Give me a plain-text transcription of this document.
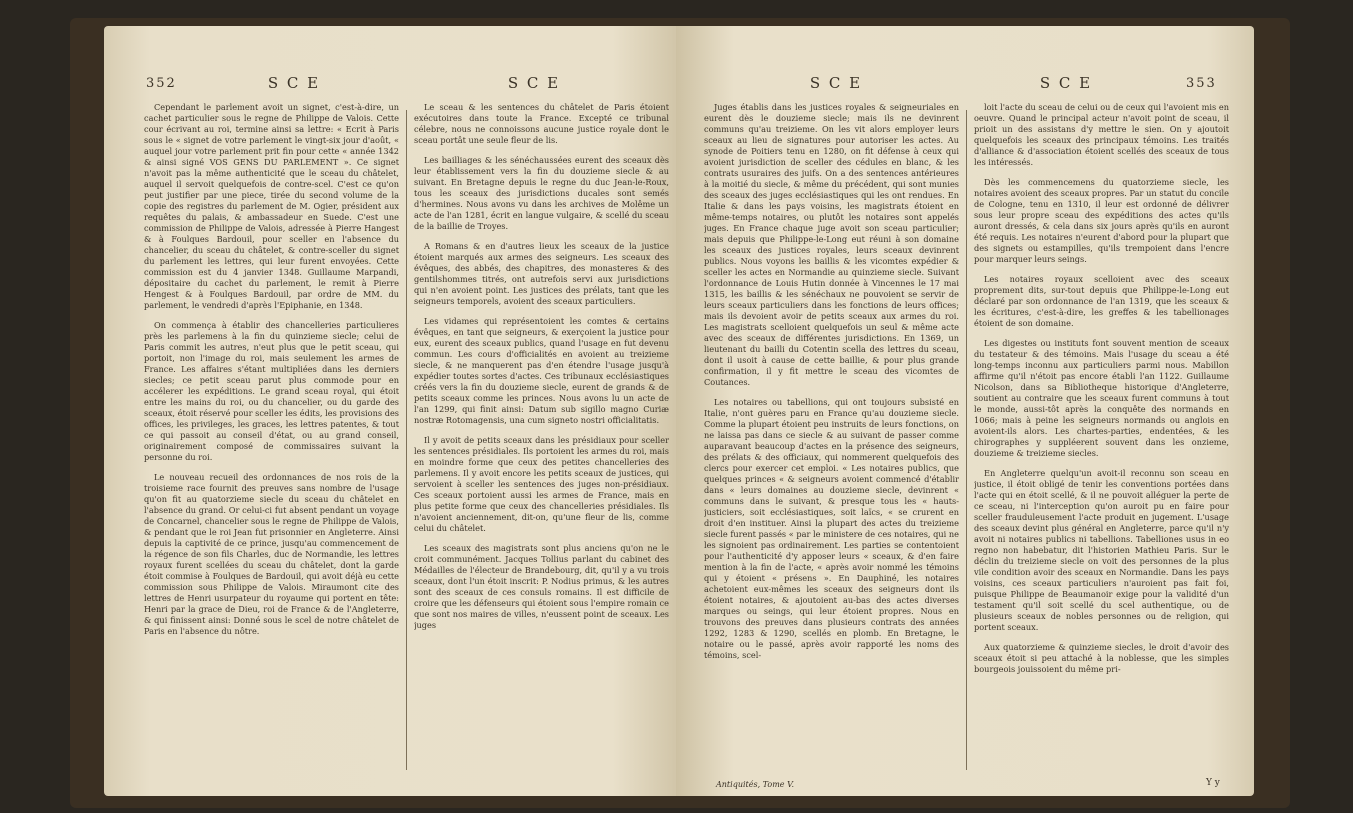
352	S C E	S C E

Cependant le parlement avoit un signet, c'est-à-dire, un cachet particulier sous le regne de Philippe de Valois. Cette cour écrivant au roi, termine ainsi sa lettre: « Ecrit à Paris sous le « signet de votre parlement le vingt-six jour d'août, « auquel jour votre parlement prit fin pour cette « année 1342 & ainsi signé VOS GENS DU PARLEMENT ». Ce signet n'avoit pas la même authenticité que le sceau du châtelet, auquel il servoit quelquefois de contre-scel. C'est ce qu'on peut justifier par une piece, tirée du second volume de la copie des registres du parlement de M. Ogier, président aux requêtes du palais, & ambassadeur en Suede. C'est une commission de Philippe de Valois, adressée à Pierre Hangest & à Foulques Bardouil, pour sceller en l'absence du chancelier, du sceau du châtelet, & contre-sceller du signet du parlement les lettres, qui leur furent envoyées. Cette commission est du 4 janvier 1348. Guillaume Marpandi, dépositaire du cachet du parlement, le remit à Pierre Hengest & à Foulques Bardouil, par ordre de MM. du parlement, le vendredi d'après l'Epiphanie, en 1348.

On commença à établir des chancelleries particulieres près les parlemens à la fin du quinzieme siecle; celui de Paris commit les autres, n'eut plus que le petit sceau, qui portoit, non l'image du roi, mais seulement les armes de France. Les affaires s'étant multipliées dans les derniers siecles; ce petit sceau parut plus commode pour en accélerer les expéditions. Le grand sceau royal, qui étoit entre les mains du roi, ou du chancelier, ou du garde des sceaux, étoit réservé pour sceller les édits, les provisions des offices, les privileges, les graces, les lettres patentes, & tout ce qui passoit au conseil d'état, ou au grand conseil, originairement composé de commissaires suivant la personne du roi.

Le nouveau recueil des ordonnances de nos rois de la troisieme race fournit des preuves sans nombre de l'usage qu'on fit au quatorzieme siecle du sceau du châtelet en l'absence du grand. Or celui-ci fut absent pendant un voyage de Concarnel, chancelier sous le regne de Philippe de Valois, & pendant que le roi Jean fut prisonnier en Angleterre. Ainsi depuis la captivité de ce prince, jusqu'au commencement de la régence de son fils Charles, duc de Normandie, les lettres royaux furent scellées du sceau du châtelet, dont la garde étoit commise à Foulques de Bardouil, qui avoit déjà eu cette commission sous Philippe de Valois. Miraumont cite des lettres de Henri usurpateur du royaume qui portent en tête: Henri par la grace de Dieu, roi de France & de l'Angleterre, & qui finissent ainsi: Donné sous le scel de notre châtelet de Paris en l'absence du nôtre.

Le sceau & les sentences du châtelet de Paris étoient exécutoires dans toute la France. Excepté ce tribunal célebre, nous ne connoissons aucune justice royale dont le sceau portât une seule fleur de lis.

Les bailliages & les sénéchaussées eurent des sceaux dès leur établissement vers la fin du douzieme siecle & au suivant. En Bretagne depuis le regne du duc Jean-le-Roux, tous les sceaux des jurisdictions ducales sont semés d'hermines. Nous avons vu dans les archives de Molême un acte de l'an 1281, écrit en langue vulgaire, & scellé du sceau de la baillie de Troyes.

A Romans & en d'autres lieux les sceaux de la justice étoient marqués aux armes des seigneurs. Les sceaux des évêques, des abbés, des chapitres, des monasteres & des gentilshommes titrés, ont autrefois servi aux jurisdictions qui n'en avoient point. Les justices des prélats, tant que les seigneurs temporels, avoient des sceaux particuliers.

Les vidames qui représentoient les comtes & certains évêques, en tant que seigneurs, & exerçoient la justice pour eux, eurent des sceaux publics, quand l'usage en fut devenu commun. Les cours d'officialités en avoient au treizieme siecle, & ne manquerent pas d'en étendre l'usage jusqu'à expédier toutes sortes d'actes. Ces tribunaux ecclésiastiques créés vers la fin du douzieme siecle, eurent de grands & de petits sceaux comme les princes. Nous avons lu un acte de l'an 1299, qui finit ainsi: Datum sub sigillo magno Curiæ nostræ Rotomagensis, una cum signeto nostri officialitatis.

Il y avoit de petits sceaux dans les présidiaux pour sceller les sentences présidiales. Ils portoient les armes du roi, mais en moindre forme que ceux des petites chancelleries des parlemens. Il y avoit encore les petits sceaux de justices, qui servoient à sceller les sentences des juges non-présidiaux. Ces sceaux portoient aussi les armes de France, mais en plus petite forme que ceux des chancelleries présidiales. Ils n'avoient anciennement, dit-on, qu'une fleur de lis, comme celui du châtelet.

Les sceaux des magistrats sont plus anciens qu'on ne le croit communément. Jacques Tollius parlant du cabinet des Médailles de l'électeur de Brandebourg, dit, qu'il y a vu trois sceaux, dont l'un étoit inscrit: P. Nodius primus, & les autres sont des sceaux de ces consuls romains. Il est difficile de croire que les défenseurs qui étoient sous l'empire romain ce que sont nos maires de villes, n'eussent point de sceaux. Les juges

S C E	S C E	353

Juges établis dans les justices royales & seigneuriales en eurent dès le douzieme siecle; mais ils ne devinrent communs qu'au treizieme. On les vit alors employer leurs sceaux au lieu de signatures pour autoriser les actes. Au synode de Poitiers tenu en 1280, on fit défense à ceux qui avoient jurisdiction de sceller des cédules en blanc, & les contrats usuraires des juifs. On a des sentences antérieures à la moitié du siecle, & même du précédent, qui sont munies des sceaux des juges ecclésiastiques qui les ont rendues. En Italie & dans les pays voisins, les magistrats étoient en même-temps notaires, ou plutôt les notaires sont appelés juges. En France chaque juge avoit son sceau particulier; mais depuis que Philippe-le-Long eut réuni à son domaine les sceaux des justices royales, leurs sceaux devinrent publics. Nous voyons les baillis & les vicomtes expédier & sceller les actes en Normandie au quinzieme siecle. Suivant l'ordonnance de Louis Hutin donnée à Vincennes le 17 mai 1315, les baillis & les sénéchaux ne pouvoient se servir de leurs sceaux particuliers dans les fonctions de leurs offices; mais ils devoient avoir de petits sceaux aux armes du roi. Les magistrats scelloient quelquefois un seul & même acte avec des sceaux de différentes jurisdictions. En 1369, un lieutenant du bailli du Cotentin scella des lettres du sceau, dont il usoit à cause de cette baillie, & pour plus grande confirmation, il y fit mettre le sceau des vicomtes de Coutances.

Les notaires ou tabellions, qui ont toujours subsisté en Italie, n'ont guères paru en France qu'au douzieme siecle. Comme la plupart étoient peu instruits de leurs fonctions, on ne laissa pas dans ce siecle & au suivant de passer comme auparavant beaucoup d'actes en la présence des seigneurs, des prélats & des officiaux, qui nommerent quelquefois des clercs pour exercer cet emploi. « Les notaires publics, que quelques princes « & seigneurs avoient commencé d'établir dans « leurs domaines au douzieme siecle, devinrent « communs dans le suivant, & presque tous les « hauts-justiciers, soit ecclésiastiques, soit laïcs, « se crurent en droit d'en instituer. Ainsi la plupart des actes du treizieme siecle furent passés « par le ministere de ces notaires, qui ne les signoient pas ordinairement. Les parties se contentoient pour l'authenticité d'y apposer leurs « sceaux, & d'en faire mention à la fin de l'acte, « après avoir nommé les témoins qui y étoient « présens ». En Dauphiné, les notaires achetoient eux-mêmes les sceaux des seigneurs dont ils étoient notaires, & ajoutoient au-bas des actes diverses marques ou seings, qui leur étoient propres. Nous en trouvons des preuves dans plusieurs contrats des années 1292, 1283 & 1290, scellés en plomb. En Bretagne, le notaire ou le passé, après avoir rapporté les noms des témoins, scel-

loit l'acte du sceau de celui ou de ceux qui l'avoient mis en oeuvre. Quand le principal acteur n'avoit point de sceau, il prioit un des assistans d'y mettre le sien. On y ajoutoit quelquefois les sceaux des principaux témoins. Les traités d'alliance & d'association étoient scellés des sceaux de tous les intéressés.

Dès les commencemens du quatorzieme siecle, les notaires avoient des sceaux propres. Par un statut du concile de Cologne, tenu en 1310, il leur est ordonné de délivrer sous leur propre sceau des expéditions des actes qu'ils auront dressés, & cela dans six jours après qu'ils en auront été requis. Les notaires n'eurent d'abord pour la plupart que des signets ou estampilles, qu'ils trempoient dans l'encre pour marquer leurs seings.

Les notaires royaux scelloient avec des sceaux proprement dits, sur-tout depuis que Philippe-le-Long eut déclaré par son ordonnance de l'an 1319, que les sceaux & les écritures, c'est-à-dire, les greffes & les tabellionages étoient de son domaine.

Les digestes ou instituts font souvent mention de sceaux du testateur & des témoins. Mais l'usage du sceau a été long-temps inconnu aux particuliers parmi nous. Mabillon affirme qu'il n'étoit pas encore établi l'an 1122. Guillaume Nicolson, dans sa Bibliotheque historique d'Angleterre, soutient au contraire que les sceaux furent communs à tout le monde, aussi-tôt après la conquête des normands en 1066; mais à peine les seigneurs normands ou anglois en avoient-ils alors. Les chartes-parties, endentées, & les chirographes y suppléerent souvent dans les onzieme, douzieme & treizieme siecles.

En Angleterre quelqu'un avoit-il reconnu son sceau en justice, il étoit obligé de tenir les conventions portées dans l'acte qui en étoit scellé, & il ne pouvoit alléguer la perte de ce sceau, ni l'interception qu'on auroit pu en faire pour sceller frauduleusement l'acte produit en jugement. L'usage des sceaux devint plus général en Angleterre, parce qu'il n'y avoit ni notaires publics ni tabellions. Tabelliones usus in eo regno non habebatur, dit l'historien Mathieu Paris. Sur le déclin du treizieme siecle on voit des personnes de la plus vile condition avoir des sceaux en Normandie. Dans les pays voisins, ces sceaux particuliers n'auroient pas fait foi, puisque Philippe de Beaumanoir exige pour la validité d'un testament qu'il soit scellé du scel authentique, ou de plusieurs sceaux de nobles personnes ou de religion, qui portent sceaux.

Aux quatorzieme & quinzieme siecles, le droit d'avoir des sceaux étoit si peu attaché à la noblesse, que les simples bourgeois jouissoient du même pri-

Antiquités, Tome V.	Y y
